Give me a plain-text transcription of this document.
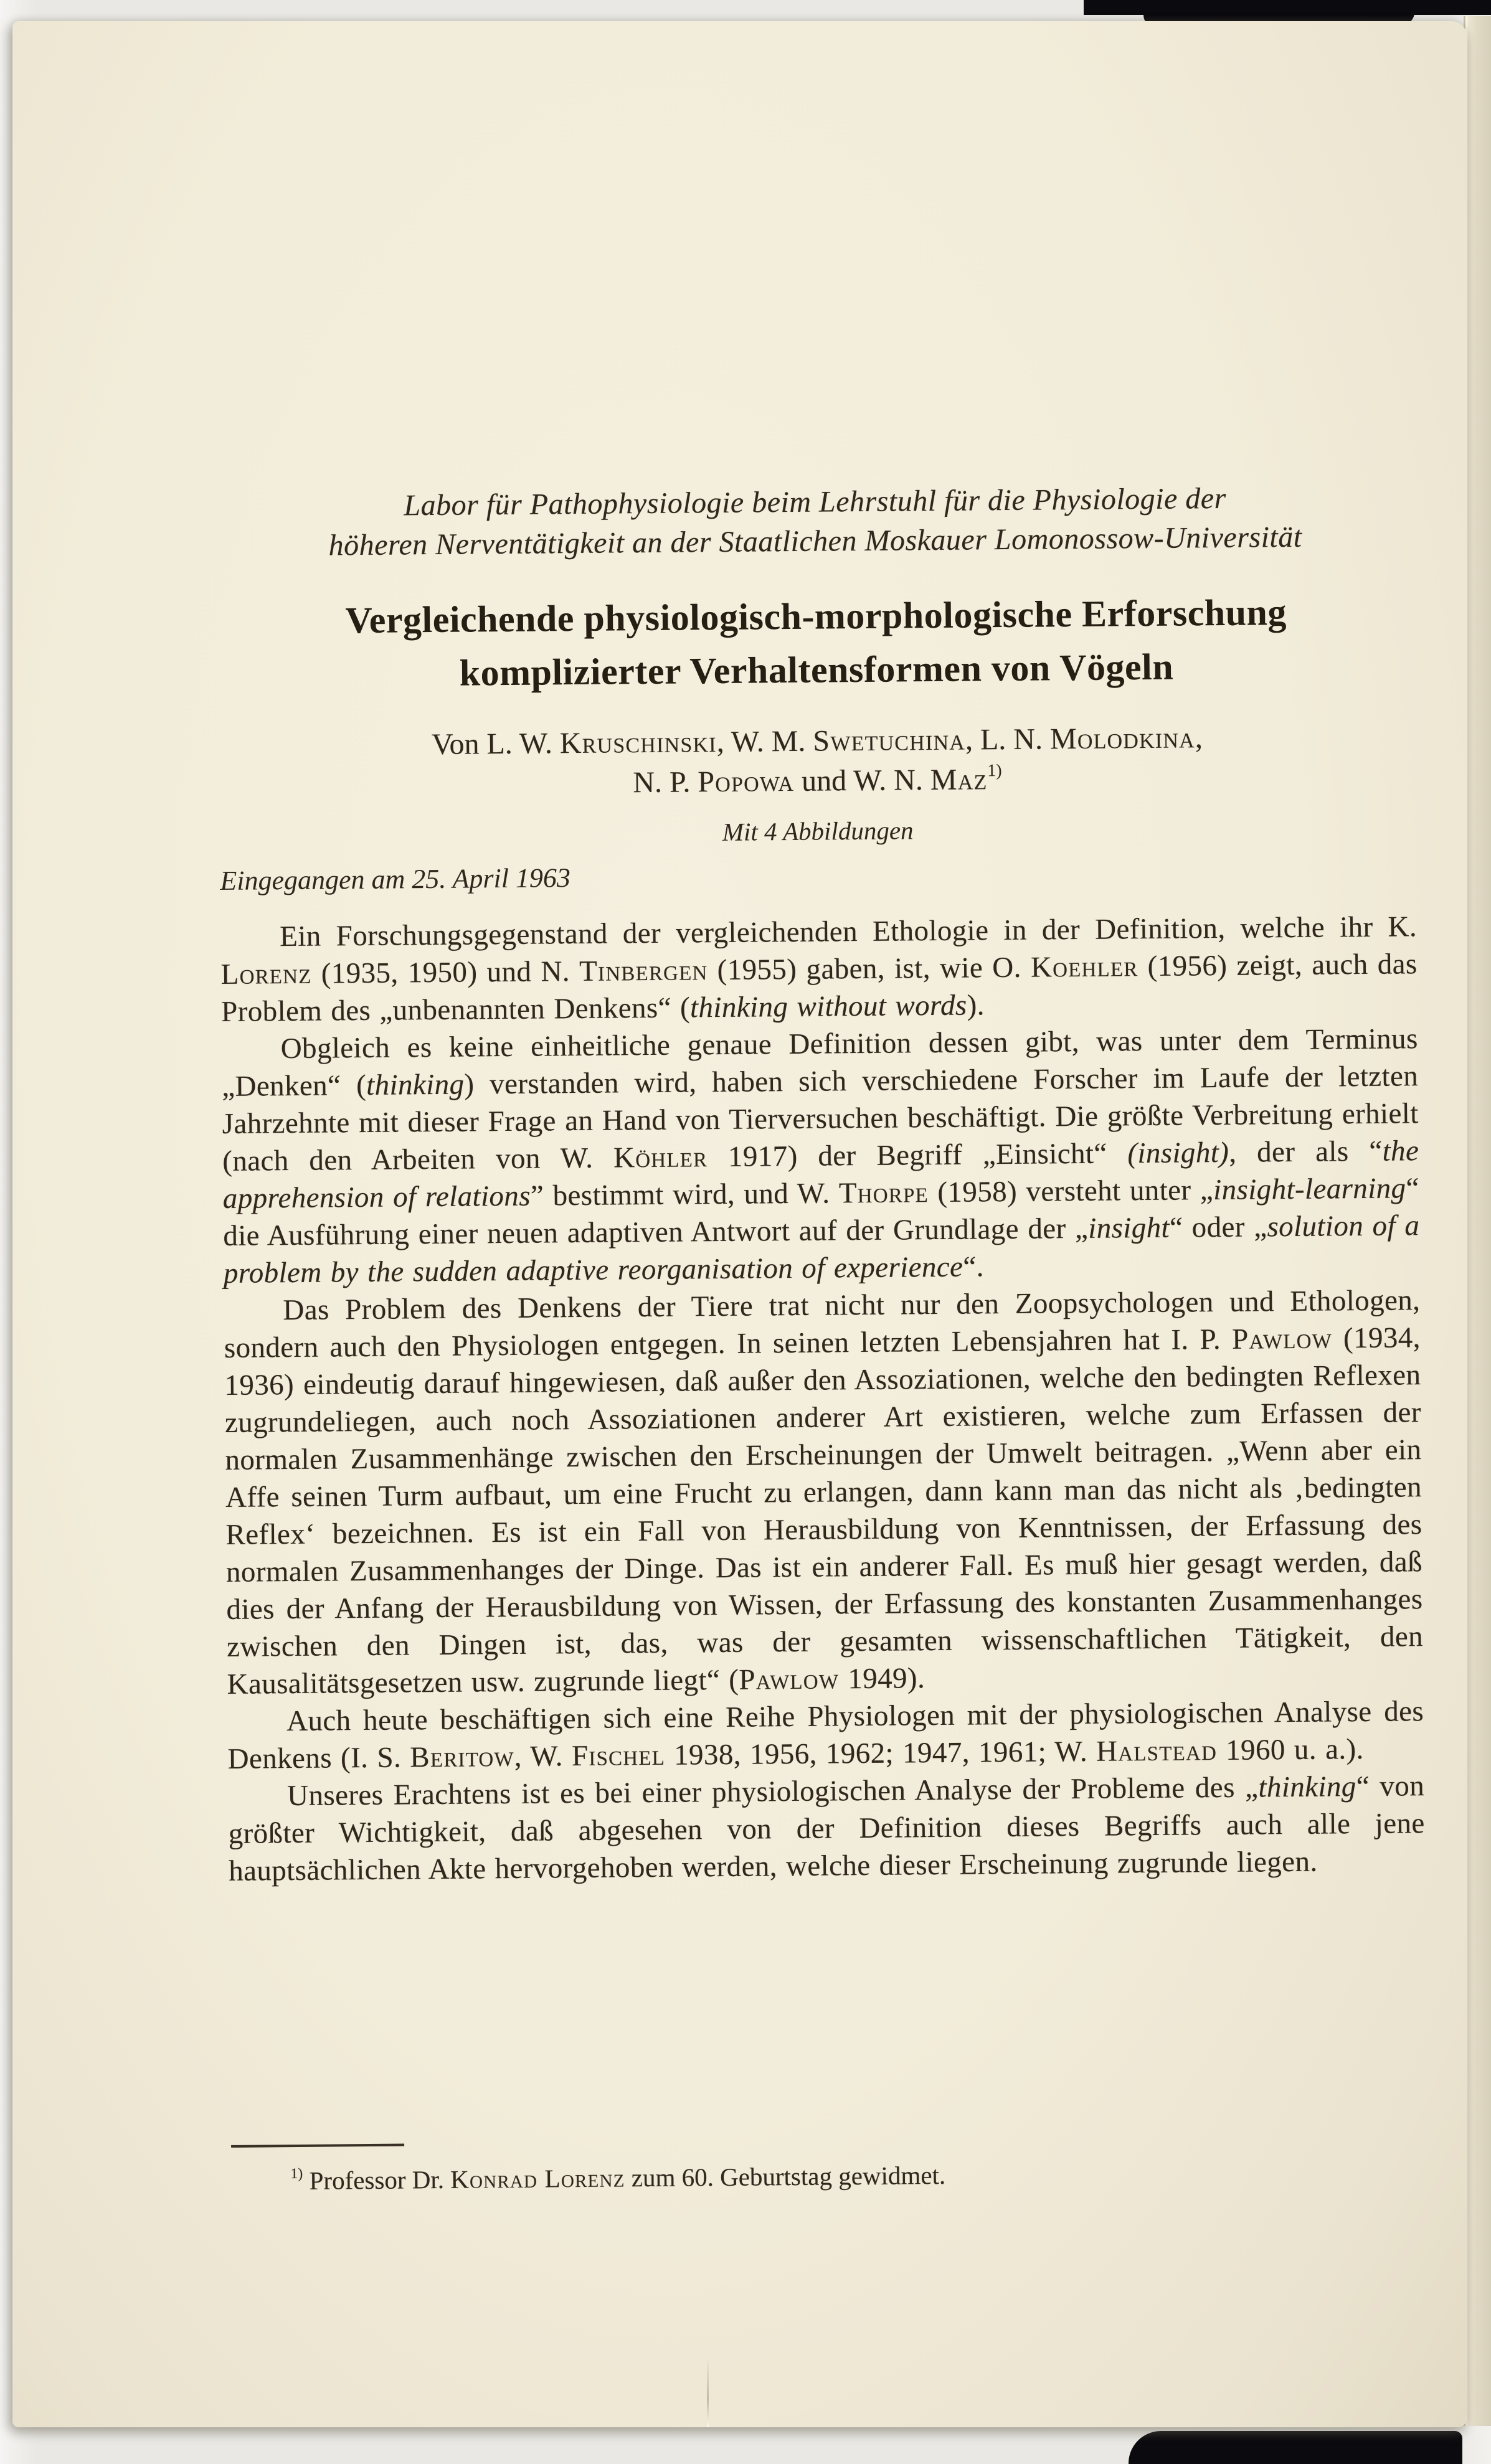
Labor für Pathophysiologie beim Lehrstuhl für die Physiologie der

höheren Nerventätigkeit an der Staatlichen Moskauer Lomonossow-Universität

Vergleichende physiologisch-morphologische Erforschung
komplizierter Verhaltensformen von Vögeln

Von L. W. Kruschinski, W. M. Swetuchina, L. N. Molodkina,

N. P. Popowa und W. N. Maz$^{1)}$

Mit 4 Abbildungen

Eingegangen am 25. April 1963

Ein Forschungsgegenstand der vergleichenden Ethologie in der Definition, welche ihr K. Lorenz (1935, 1950) und N. Tinbergen (1955) gaben, ist, wie O. Koehler (1956) zeigt, auch das Problem des „unbenannten Denkens“ (thinking without words).

Obgleich es keine einheitliche genaue Definition dessen gibt, was unter dem Terminus „Denken“ (thinking) verstanden wird, haben sich verschiedene Forscher im Laufe der letzten Jahrzehnte mit dieser Frage an Hand von Tierversuchen beschäftigt. Die größte Verbreitung erhielt (nach den Arbeiten von W. Köhler 1917) der Begriff „Einsicht“ (insight), der als “the apprehension of relations” bestimmt wird, und W. Thorpe (1958) versteht unter „insight-learning“ die Ausführung einer neuen adaptiven Antwort auf der Grundlage der „insight“ oder „solution of a problem by the sudden adaptive reorganisation of experience“.

Das Problem des Denkens der Tiere trat nicht nur den Zoopsychologen und Ethologen, sondern auch den Physiologen entgegen. In seinen letzten Lebensjahren hat I. P. Pawlow (1934, 1936) eindeutig darauf hingewiesen, daß außer den Assoziationen, welche den bedingten Reflexen zugrundeliegen, auch noch Assoziationen anderer Art existieren, welche zum Erfassen der normalen Zusammenhänge zwischen den Erscheinungen der Umwelt beitragen. „Wenn aber ein Affe seinen Turm aufbaut, um eine Frucht zu erlangen, dann kann man das nicht als ‚bedingten Reflex‘ bezeichnen. Es ist ein Fall von Herausbildung von Kenntnissen, der Erfassung des normalen Zusammenhanges der Dinge. Das ist ein anderer Fall. Es muß hier gesagt werden, daß dies der Anfang der Herausbildung von Wissen, der Erfassung des konstanten Zusammenhanges zwischen den Dingen ist, das, was der gesamten wissenschaftlichen Tätigkeit, den Kausalitätsgesetzen usw. zugrunde liegt“ (Pawlow 1949).

Auch heute beschäftigen sich eine Reihe Physiologen mit der physiologischen Analyse des Denkens (I. S. Beritow, W. Fischel 1938, 1956, 1962; 1947, 1961; W. Halstead 1960 u. a.).

Unseres Erachtens ist es bei einer physiologischen Analyse der Probleme des „thinking“ von größter Wichtigkeit, daß abgesehen von der Definition dieses Begriffs auch alle jene hauptsächlichen Akte hervorgehoben werden, welche dieser Erscheinung zugrunde liegen.

$^{1)}$ Professor Dr. Konrad Lorenz zum 60. Geburtstag gewidmet.
